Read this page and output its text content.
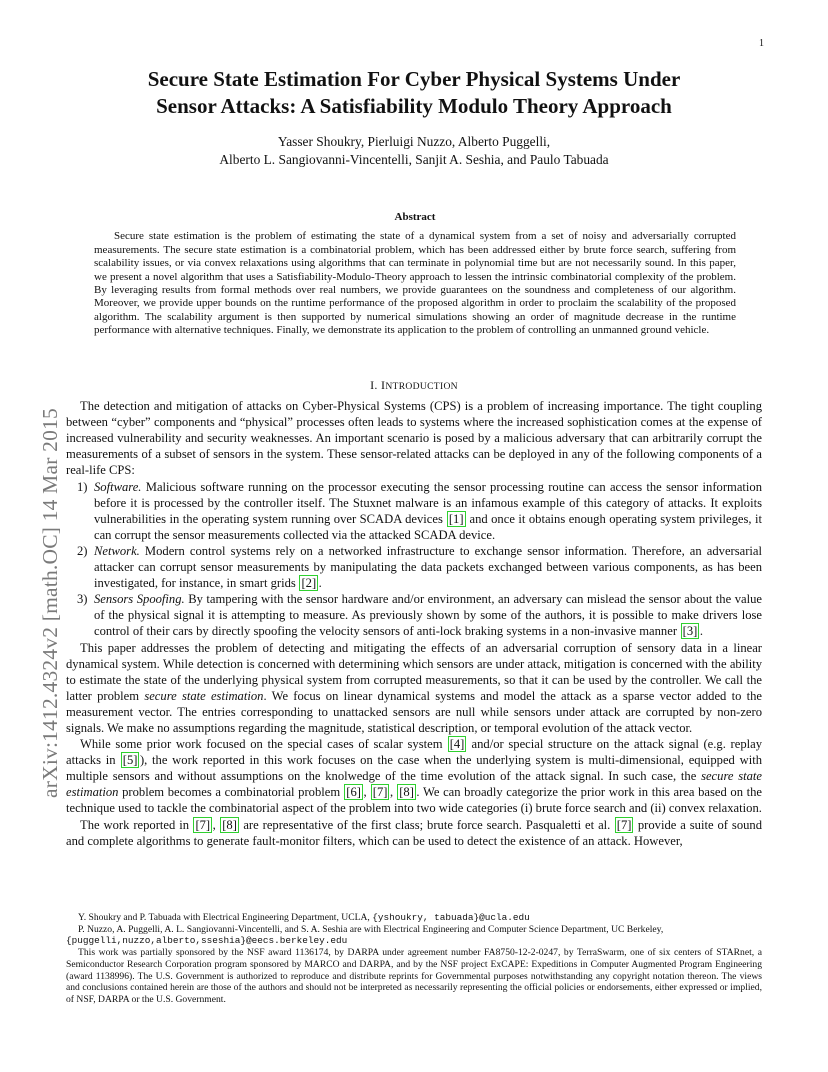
1
arXiv:1412.4324v2 [math.OC] 14 Mar 2015
Secure State Estimation For Cyber Physical Systems Under
Sensor Attacks: A Satisfiability Modulo Theory Approach
Yasser Shoukry, Pierluigi Nuzzo, Alberto Puggelli,
Alberto L. Sangiovanni-Vincentelli, Sanjit A. Seshia, and Paulo Tabuada
Abstract

Secure state estimation is the problem of estimating the state of a dynamical system from a set of noisy and adversarially corrupted measurements. The secure state estimation is a combinatorial problem, which has been addressed either by brute force search, suffering from scalability issues, or via convex relaxations using algorithms that can terminate in polynomial time but are not necessarily sound. In this paper, we present a novel algorithm that uses a Satisfiability-Modulo-Theory approach to lessen the intrinsic combinatorial complexity of the problem. By leveraging results from formal methods over real numbers, we provide guarantees on the soundness and completeness of our algorithm. Moreover, we provide upper bounds on the runtime performance of the proposed algorithm in order to proclaim the scalability of the proposed algorithm. The scalability argument is then supported by numerical simulations showing an order of magnitude decrease in the runtime performance with alternative techniques. Finally, we demonstrate its application to the problem of controlling an unmanned ground vehicle.

I. INTRODUCTION

The detection and mitigation of attacks on Cyber-Physical Systems (CPS) is a problem of increasing importance. The tight coupling between “cyber” components and “physical” processes often leads to systems where the increased sophistication comes at the expense of increased vulnerability and security weaknesses. An important scenario is posed by a malicious adversary that can arbitrarily corrupt the measurements of a subset of sensors in the system. These sensor-related attacks can be deployed in any of the following components of a real-life CPS:

1) Software. Malicious software running on the processor executing the sensor processing routine can access the sensor information before it is processed by the controller itself. The Stuxnet malware is an infamous example of this category of attacks. It exploits vulnerabilities in the operating system running over SCADA devices [1] and once it obtains enough operating system privileges, it can corrupt the sensor measurements collected via the attacked SCADA device.
2) Network. Modern control systems rely on a networked infrastructure to exchange sensor information. Therefore, an adversarial attacker can corrupt sensor measurements by manipulating the data packets exchanged between various components, as has been investigated, for instance, in smart grids [2] .
3) Sensors Spoofing. By tampering with the sensor hardware and/or environment, an adversary can mislead the sensor about the value of the physical signal it is attempting to measure. As previously shown by some of the authors, it is possible to make drivers lose control of their cars by directly spoofing the velocity sensors of anti-lock braking systems in a non-invasive manner [3] .

This paper addresses the problem of detecting and mitigating the effects of an adversarial corruption of sensory data in a linear dynamical system. While detection is concerned with determining which sensors are under attack, mitigation is concerned with the ability to estimate the state of the underlying physical system from corrupted measurements, so that it can be used by the controller. We call the latter problem secure state estimation. We focus on linear dynamical systems and model the attack as a sparse vector added to the measurement vector. The entries corresponding to unattacked sensors are null while sensors under attack are corrupted by non-zero signals. We make no assumptions regarding the magnitude, statistical description, or temporal evolution of the attack vector.

While some prior work focused on the special cases of scalar system [4] and/or special structure on the attack signal (e.g. replay attacks in [5] ), the work reported in this work focuses on the case when the underlying system is multi-dimensional, equipped with multiple sensors and without assumptions on the knolwedge of the time evolution of the attack signal. In such case, the secure state estimation problem becomes a combinatorial problem [6] , [7] , [8] . We can broadly categorize the prior work in this area based on the technique used to tackle the combinatorial aspect of the problem into two wide categories (i) brute force search and (ii) convex relaxation.

The work reported in [7] , [8] are representative of the first class; brute force search. Pasqualetti et al. [7] provide a suite of sound and complete algorithms to generate fault-monitor filters, which can be used to detect the existence of an attack. However,

Y. Shoukry and P. Tabuada with Electrical Engineering Department, UCLA, {yshoukry, tabuada}@ucla.edu

P. Nuzzo, A. Puggelli, A. L. Sangiovanni-Vincentelli, and S. A. Seshia are with Electrical Engineering and Computer Science Department, UC Berkeley,
{puggelli,nuzzo,alberto,sseshia}@eecs.berkeley.edu

This work was partially sponsored by the NSF award 1136174, by DARPA under agreement number FA8750-12-2-0247, by TerraSwarm, one of six centers of STARnet, a Semiconductor Research Corporation program sponsored by MARCO and DARPA, and by the NSF project ExCAPE: Expeditions in Computer Augmented Program Engineering (award 1138996). The U.S. Government is authorized to reproduce and distribute reprints for Governmental purposes notwithstanding any copyright notation thereon. The views and conclusions contained herein are those of the authors and should not be interpreted as necessarily representing the official policies or endorsements, either expressed or implied, of NSF, DARPA or the U.S. Government.
